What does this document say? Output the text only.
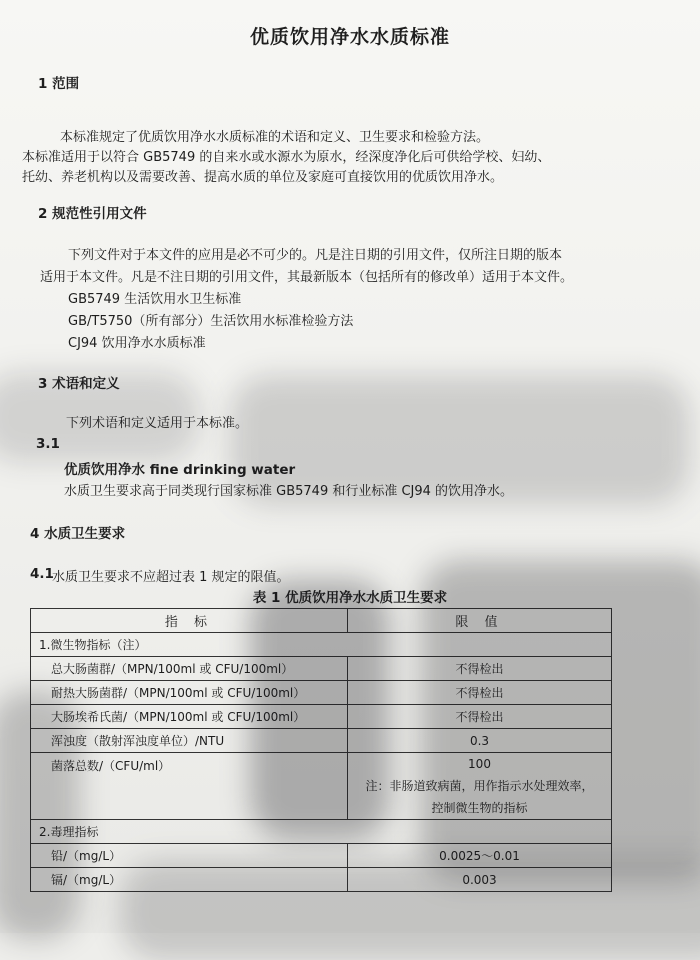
优质饮用净水水质标准
1 范围
本标准规定了优质饮用净水水质标准的术语和定义、卫生要求和检验方法。
本标准适用于以符合 GB5749 的自来水或水源水为原水，经深度净化后可供给学校、妇幼、
托幼、养老机构以及需要改善、提高水质的单位及家庭可直接饮用的优质饮用净水。
2 规范性引用文件
下列文件对于本文件的应用是必不可少的。凡是注日期的引用文件，仅所注日期的版本
适用于本文件。凡是不注日期的引用文件，其最新版本（包括所有的修改单）适用于本文件。
GB5749 生活饮用水卫生标准
GB/T5750（所有部分）生活饮用水标准检验方法
CJ94 饮用净水水质标准
3 术语和定义
下列术语和定义适用于本标准。
3.1
优质饮用净水 fine drinking water
水质卫生要求高于同类现行国家标准 GB5749 和行业标准 CJ94 的饮用净水。
4 水质卫生要求
4.1
水质卫生要求不应超过表 1 规定的限值。
表 1 优质饮用净水水质卫生要求
指 标	限 值
1.微生物指标（注）	
总大肠菌群/（MPN/100ml 或 CFU/100ml）	不得检出
耐热大肠菌群/（MPN/100ml 或 CFU/100ml）	不得检出
大肠埃希氏菌/（MPN/100ml 或 CFU/100ml）	不得检出
浑浊度（散射浑浊度单位）/NTU	0.3
菌落总数/（CFU/ml）	100
注：非肠道致病菌，用作指示水处理效率，
控制微生物的指标

2.毒理指标	
铅/（mg/L）	0.0025～0.01
镉/（mg/L）	0.003
